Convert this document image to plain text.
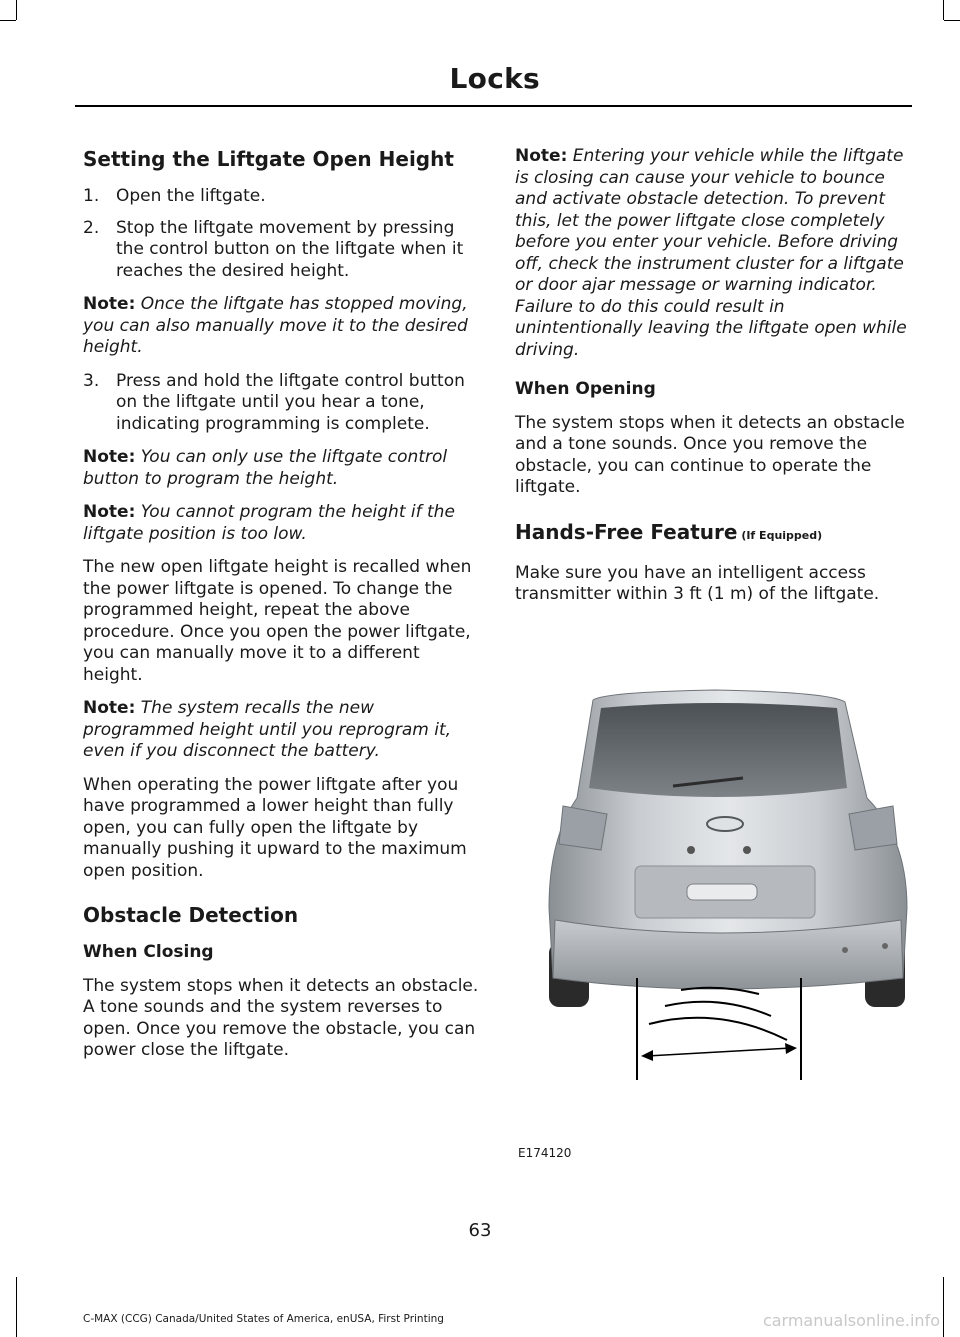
Locks
Setting the Liftgate Open Height
1. Open the liftgate.
2. Stop the liftgate movement by pressing the control button on the liftgate when it reaches the desired height.

Note: Once the liftgate has stopped moving, you can also manually move it to the desired height.

3. Press and hold the liftgate control button on the liftgate until you hear a tone, indicating programming is complete.

Note: You can only use the liftgate control button to program the height.

Note: You cannot program the height if the liftgate position is too low.

The new open liftgate height is recalled when the power liftgate is opened. To change the programmed height, repeat the above procedure. Once you open the power liftgate, you can manually move it to a different height.

Note: The system recalls the new programmed height until you reprogram it, even if you disconnect the battery.

When operating the power liftgate after you have programmed a lower height than fully open, you can fully open the liftgate by manually pushing it upward to the maximum open position.

Obstacle Detection
When Closing

The system stops when it detects an obstacle. A tone sounds and the system reverses to open. Once you remove the obstacle, you can power close the liftgate.

Note: Entering your vehicle while the liftgate is closing can cause your vehicle to bounce and activate obstacle detection. To prevent this, let the power liftgate close completely before you enter your vehicle. Before driving off, check the instrument cluster for a liftgate or door ajar message or warning indicator. Failure to do this could result in unintentionally leaving the liftgate open while driving.

When Opening

The system stops when it detects an obstacle and a tone sounds. Once you remove the obstacle, you can continue to operate the liftgate.

Hands-Free Feature (If Equipped)

Make sure you have an intelligent access transmitter within 3 ft (1 m) of the liftgate.

E174120
63
C-MAX (CCG) Canada/United States of America, enUSA, First Printing	carmanualsonline.info
